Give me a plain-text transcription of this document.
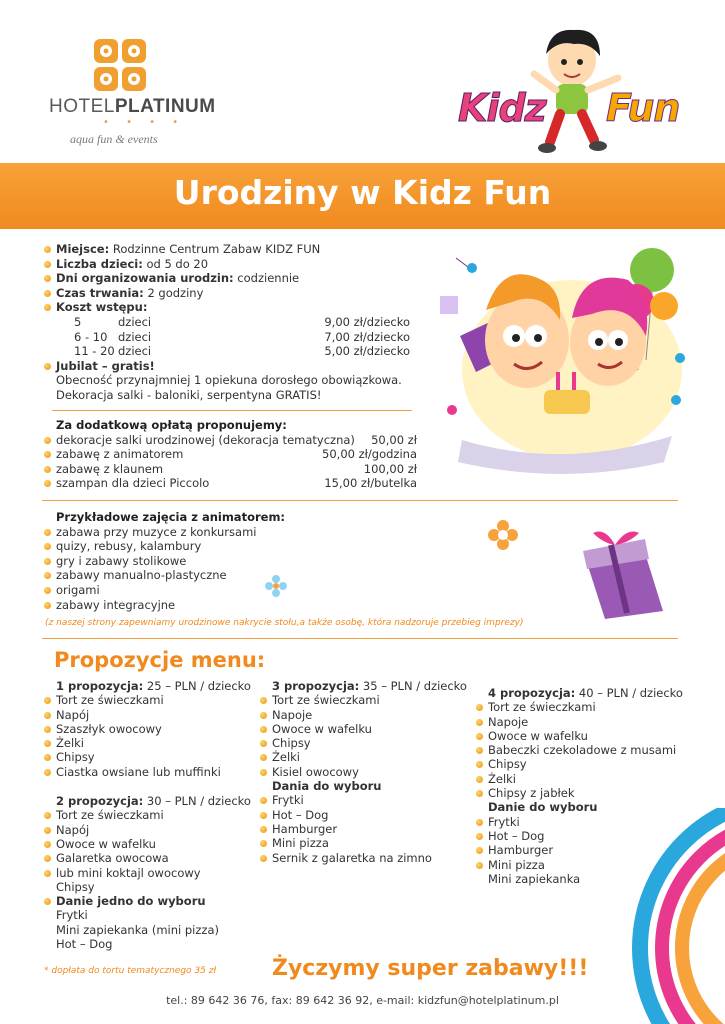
HOTELPLATINUM
• • • •
aqua fun & events
Kidz Fun
Urodziny w Kidz Fun
Miejsce: Rodzinne Centrum Zabaw KIDZ FUN
Liczba dzieci: od 5 do 20
Dni organizowania urodzin: codziennie
Czas trwania: 2 godziny
Koszt wstępu:
5	dzieci	9,00 zł/dziecko
6 - 10 dzieci	7,00 zł/dziecko
11 - 20 dzieci	5,00 zł/dziecko
Jubilat – gratis!
Obecność przynajmniej 1 opiekuna dorosłego obowiązkowa.
Dekoracja salki - baloniki, serpentyna GRATIS!
Za dodatkową opłatą proponujemy:
dekoracje salki urodzinowej (dekoracja tematyczna)	50,00 zł
zabawę z animatorem	50,00 zł/godzina
zabawę z klaunem	100,00 zł
szampan dla dzieci Piccolo	15,00 zł/butelka
Przykładowe zajęcia z animatorem:
zabawa przy muzyce z konkursami
quizy, rebusy, kalambury
gry i zabawy stolikowe
zabawy manualno-plastyczne
origami
zabawy integracyjne
(z naszej strony zapewniamy urodzinowe nakrycie stołu,a także osobę, która nadzoruje przebieg imprezy)
Propozycje menu:
1 propozycja: 25 – PLN / dziecko
Tort ze świeczkami
Napój
Szaszłyk owocowy
Żelki
Chipsy
Ciastka owsiane lub muffinki
2 propozycja: 30 – PLN / dziecko
Tort ze świeczkami
Napój
Owoce w wafelku
Galaretka owocowa
lub mini koktajl owocowy
Chipsy
Danie jedno do wyboru
Frytki
Mini zapiekanka (mini pizza)
Hot – Dog
3 propozycja: 35 – PLN / dziecko
Tort ze świeczkami
Napoje
Owoce w wafelku
Chipsy
Żelki
Kisiel owocowy
Dania do wyboru
Frytki
Hot – Dog
Hamburger
Mini pizza
Sernik z galaretka na zimno
4 propozycja: 40 – PLN / dziecko
Tort ze świeczkami
Napoje
Owoce w wafelku
Babeczki czekoladowe z musami
Chipsy
Żelki
Chipsy z jabłek
Danie do wyboru
Frytki
Hot – Dog
Hamburger
Mini pizza
Mini zapiekanka
* dopłata do tortu tematycznego 35 zł	Życzymy super zabawy!!!
tel.: 89 642 36 76, fax: 89 642 36 92, e-mail: kidzfun@hotelplatinum.pl
